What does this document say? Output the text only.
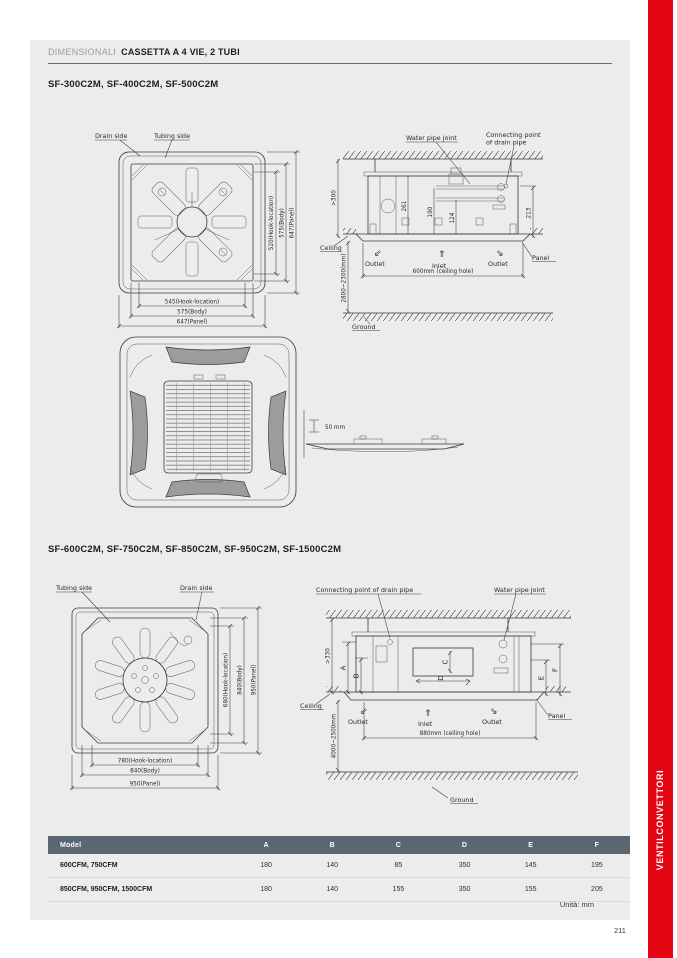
DIMENSIONALI CASSETTA A 4 VIE, 2 TUBI
SF-300C2M, SF-400C2M, SF-500C2M
Drain side	Tubing side
520(Hook-location) 575(Body) 647(Panel)
545(Hook-location)
575(Body)
647(Panel)
Water pipe joint	Connecting point
of drain pipe
Ceiling
Panel
⇙	⇑	⇘
Outlet	Inlet	Outlet
Ground
>300
261
190
124	213
600mm (ceiling hole)
2800~2300(mm)
50 mm
SF-600C2M, SF-750C2M, SF-850C2M, SF-950C2M, SF-1500C2M
Tubing side	Drain side
680(Hook-location) 840(Body) 950(Panel)
780(Hook-location)
840(Body)
950(Panel)
Connecting point of drain pipe	Water pipe joint
Ceiling
Panel
⇙	⇑	⇘
Outlet	Inlet	Outlet
Ground
>330
A
B
C
D	E
F
880mm (ceiling hole)
4000~2500mm
Model	A	B	C	D	E	F
600CFM, 750CFM	180	140	85	350	145	195
850CFM, 950CFM, 1500CFM	180	140	155	350	155	205
Unità: mm
VENTILCONVETTORI
211
